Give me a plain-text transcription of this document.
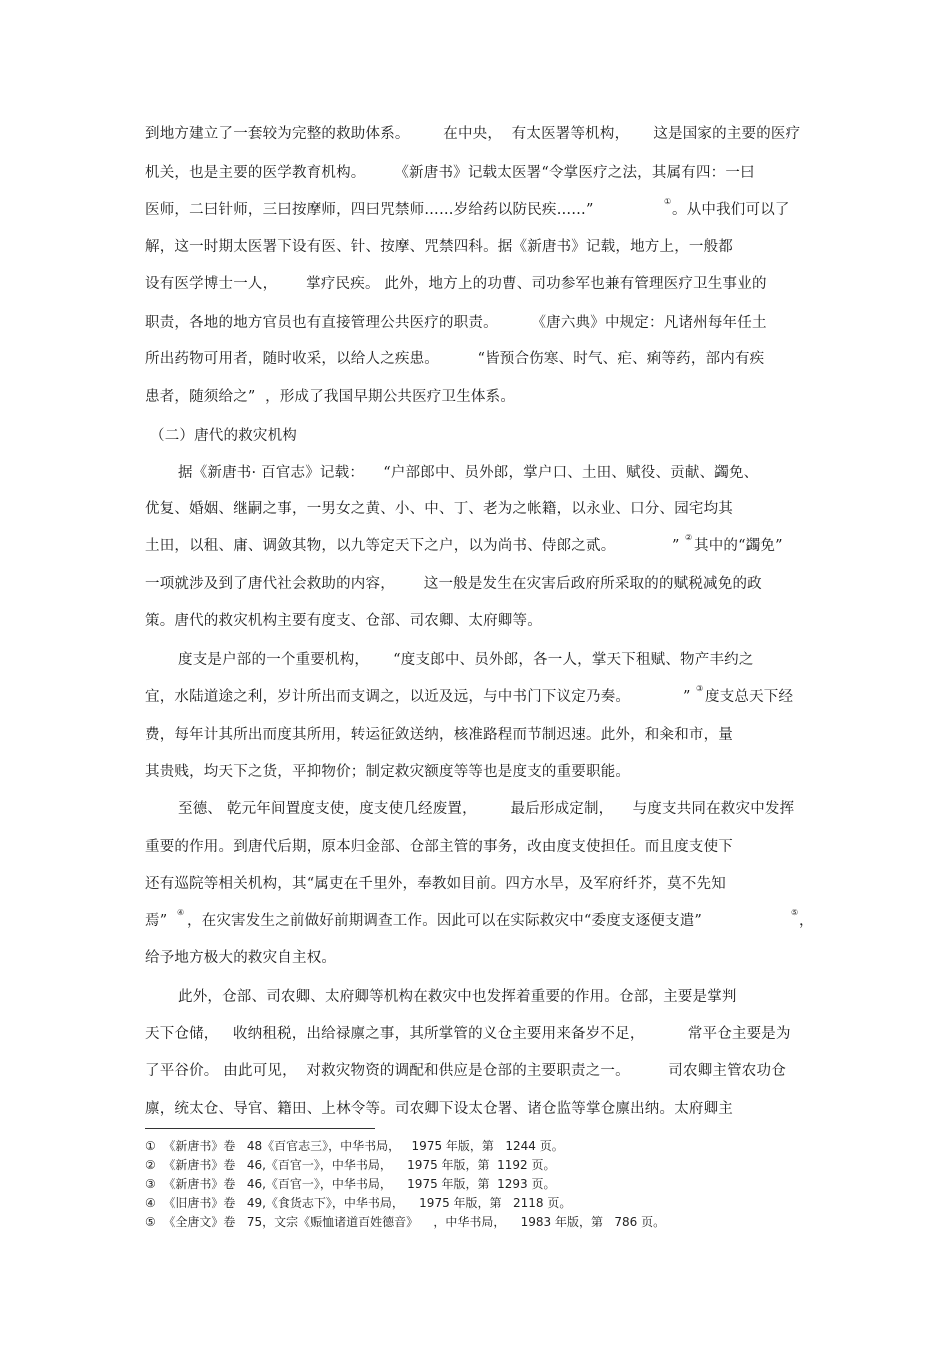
到地方建立了一套较为完整的救助体系。       在中央，  有太医署等机构，     这是国家的主要的医疗
机关，也是主要的医学教育机构。      《新唐书》记载太医署“令掌医疗之法，其属有四：一曰
医师，二曰针师，三曰按摩师，四曰咒禁师……岁给药以防民疾……”
①
。从中我们可以了
解，这一时期太医署下设有医、针、按摩、咒禁四科。据《新唐书》记载，地方上，一般都
设有医学博士一人，      掌疗民疾。 此外，地方上的功曹、司功参军也兼有管理医疗卫生事业的
职责，各地的地方官员也有直接管理公共医疗的职责。       《唐六典》中规定：凡诸州每年任土
所出药物可用者，随时收采，以给人之疾患。        “皆预合伤寒、时气、疟、痢等药，部内有疾
患者，随须给之”  ，形成了我国早期公共医疗卫生体系。
（二）唐代的救灾机构
据《新唐书· 百官志》记载：    “户部郎中、员外郎，掌户口、土田、赋役、贡献、蠲免、
优复、婚姻、继嗣之事，一男女之黄、小、中、丁、老为之帐籍，以永业、口分、园宅均其
土田，以租、庸、调敛其物，以九等定天下之户，以为尚书、侍郎之贰。	”
②
其中的“蠲免”
一项就涉及到了唐代社会救助的内容，      这一般是发生在灾害后政府所采取的的赋税减免的政
策。唐代的救灾机构主要有度支、仓部、司农卿、太府卿等。
度支是户部的一个重要机构，     “度支郎中、员外郎，各一人，掌天下租赋、物产丰约之
宜，水陆道途之利，岁计所出而支调之，以近及远，与中书门下议定乃奏。	”
③
度支总天下经
费，每年计其所出而度其所用，转运征敛送纳，核准路程而节制迟速。此外，和籴和市，量
其贵贱，均天下之货，平抑物价；制定救灾额度等等也是度支的重要职能。
至德、 乾元年间置度支使，度支使几经废置，       最后形成定制，    与度支共同在救灾中发挥
重要的作用。到唐代后期，原本归金部、仓部主管的事务，改由度支使担任。而且度支使下
还有巡院等相关机构，其“属吏在千里外，奉教如目前。四方水旱，及军府纤芥，莫不先知
焉”
④
，在灾害发生之前做好前期调查工作。因此可以在实际救灾中“委度支逐便支遣”
⑤
，
给予地方极大的救灾自主权。
此外，仓部、司农卿、太府卿等机构在救灾中也发挥着重要的作用。仓部，主要是掌判
天下仓储，   收纳租税，出给禄廪之事，其所掌管的义仓主要用来备岁不足，         常平仓主要是为
了平谷价。 由此可见，  对救灾物资的调配和供应是仓部的主要职责之一。        司农卿主管农功仓
廪，统太仓、导官、籍田、上林令等。司农卿下设太仓署、诸仓监等掌仓廪出纳。太府卿主
①  《新唐书》卷   48《百官志三》，中华书局，   1975 年版，第   1244 页。
②  《新唐书》卷   46,《百官一》，中华书局，    1975 年版，第  1192 页。
③  《新唐书》卷   46,《百官一》，中华书局，    1975 年版，第  1293 页。
④  《旧唐书》卷   49,《食货志下》，中华书局，    1975 年版，第   2118 页。
⑤  《全唐文》卷   75，文宗《赈恤诸道百姓德音》    ，中华书局，    1983 年版，第   786 页。
